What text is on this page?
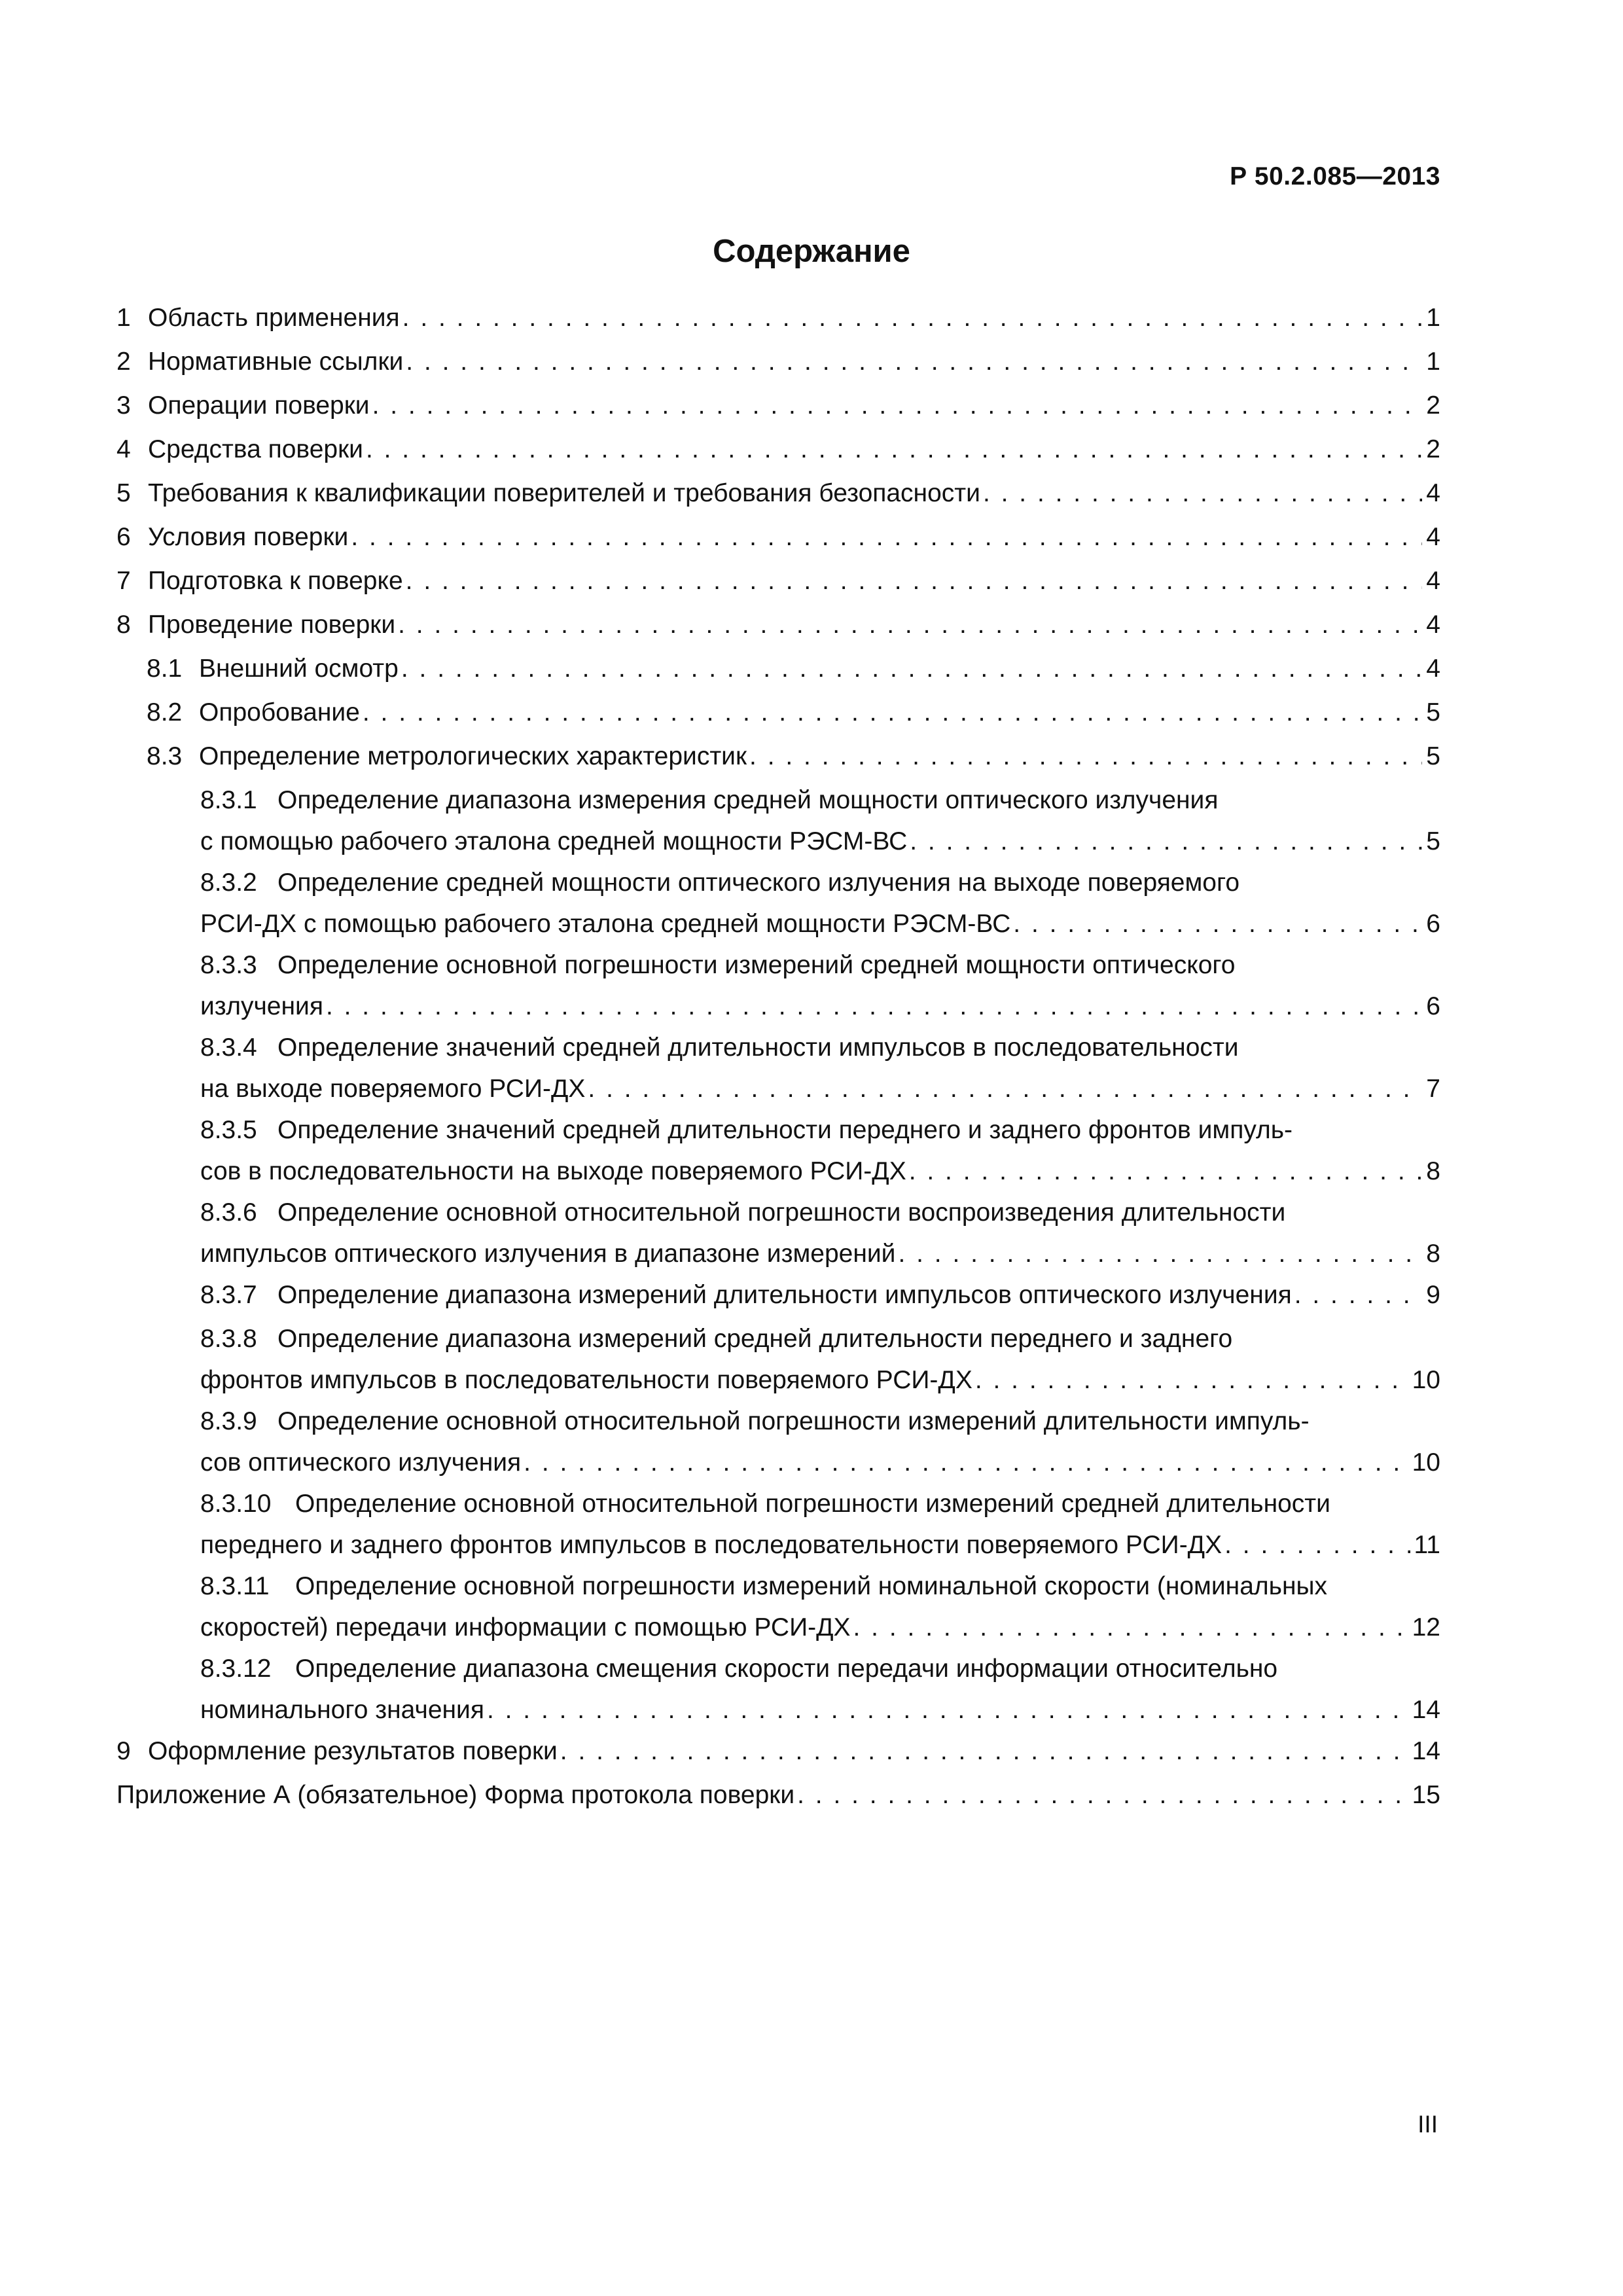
Р 50.2.085—2013
Содержание
1 Область применения . . .	1
2 Нормативные ссылки . . .	1
3 Операции поверки . . .	2
4 Средства поверки . . .	2
5 Требования к квалификации поверителей и требования безопасности . . .	4
6 Условия поверки . . .	4
7 Подготовка к поверке . . .	4
8 Проведение поверки . . .	4
8.1 Внешний осмотр . . .	4
8.2 Опробование . . .	5
8.3 Определение метрологических характеристик . . .	5
8.3.1 Определение диапазона измерения средней мощности оптического излучения
с помощью рабочего эталона средней мощности РЭСМ-ВС . . .	5
8.3.2 Определение средней мощности оптического излучения на выходе поверяемого
РСИ-ДХ с помощью рабочего эталона средней мощности РЭСМ-ВС . . .	6
8.3.3 Определение основной погрешности измерений средней мощности оптического
излучения . . .	6
8.3.4 Определение значений средней длительности импульсов в последовательности
на выходе поверяемого РСИ-ДХ . . .	7
8.3.5 Определение значений средней длительности переднего и заднего фронтов импуль-
сов в последовательности на выходе поверяемого РСИ-ДХ . . .	8
8.3.6 Определение основной относительной погрешности воспроизведения длительности
импульсов оптического излучения в диапазоне измерений . . .	8
8.3.7 Определение диапазона измерений длительности импульсов оптического излучения . . .	9
8.3.8 Определение диапазона измерений средней длительности переднего и заднего
фронтов импульсов в последовательности поверяемого РСИ-ДХ . . .	10
8.3.9 Определение основной относительной погрешности измерений длительности импуль-
сов оптического излучения . . .	10
8.3.10 Определение основной относительной погрешности измерений средней длительности
переднего и заднего фронтов импульсов в последовательности поверяемого РСИ-ДХ . . .	11
8.3.11 Определение основной погрешности измерений номинальной скорости (номинальных
скоростей) передачи информации с помощью РСИ-ДХ . . .	12
8.3.12 Определение диапазона смещения скорости передачи информации относительно
номинального значения . . .	14
9 Оформление результатов поверки . . .	14
Приложение А (обязательное) Форма протокола поверки . . .	15
III
